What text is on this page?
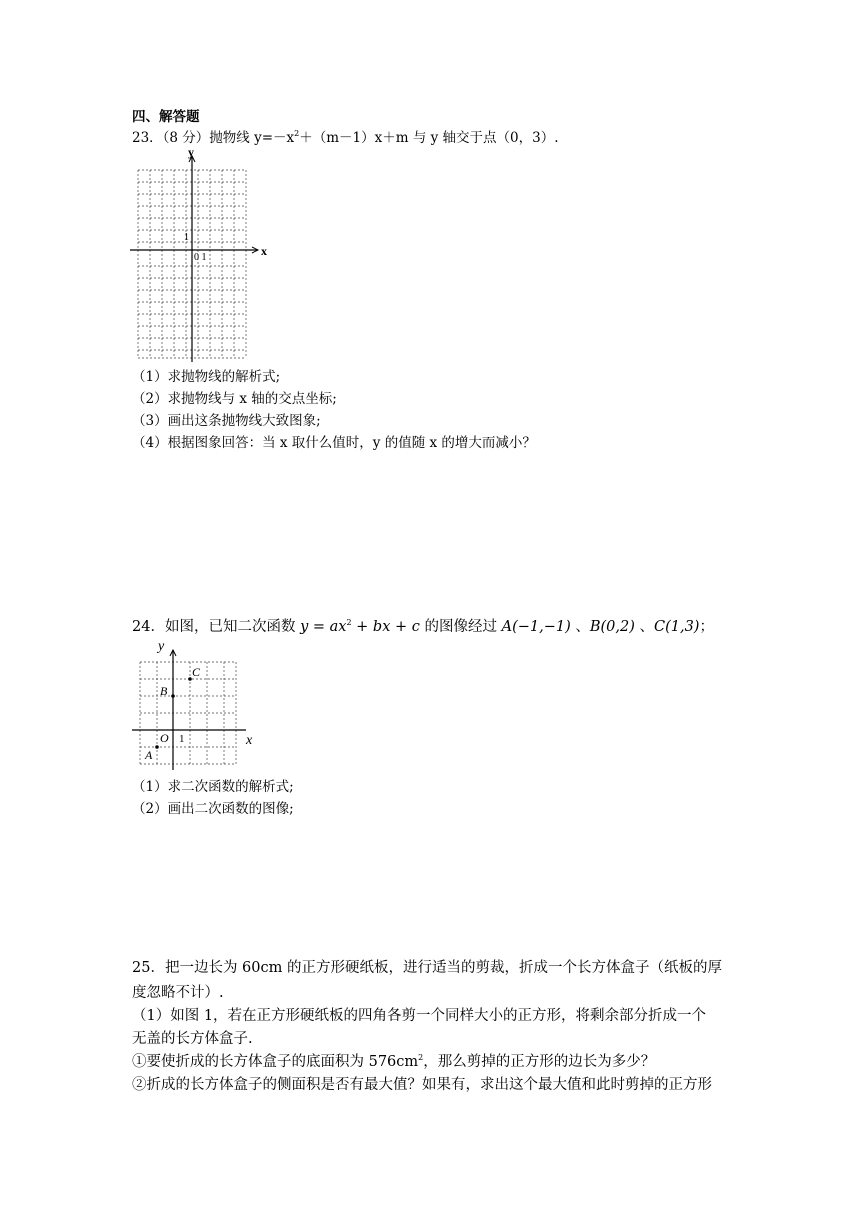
四、解答题
23．（8 分）抛物线 $y=-x^2+(m-1)x+m$ 与 y 轴交于点（0，3）.
x
y
1
0 1
（1）求抛物线的解析式;
（2）求抛物线与 x 轴的交点坐标;
（3）画出这条抛物线大致图象;
（4）根据图象回答：当 x 取什么值时，y 的值随 x 的增大而减小？
24．如图，已知二次函数 $y = ax^2$ + bx + c 的图像经过 A(−1,−1) 、B(0,2) 、C(1,3)；
x
y
O 1
A
B
C
（1）求二次函数的解析式;
（2）画出二次函数的图像;
25．把一边长为 60cm 的正方形硬纸板，进行适当的剪裁，折成一个长方体盒子（纸板的厚
度忽略不计）.
（1）如图 1，若在正方形硬纸板的四角各剪一个同样大小的正方形，将剩余部分折成一个
无盖的长方体盒子.
①要使折成的长方体盒子的底面积为 $576cm^2$，那么剪掉的正方形的边长为多少？
②折成的长方体盒子的侧面积是否有最大值？如果有，求出这个最大值和此时剪掉的正方形
